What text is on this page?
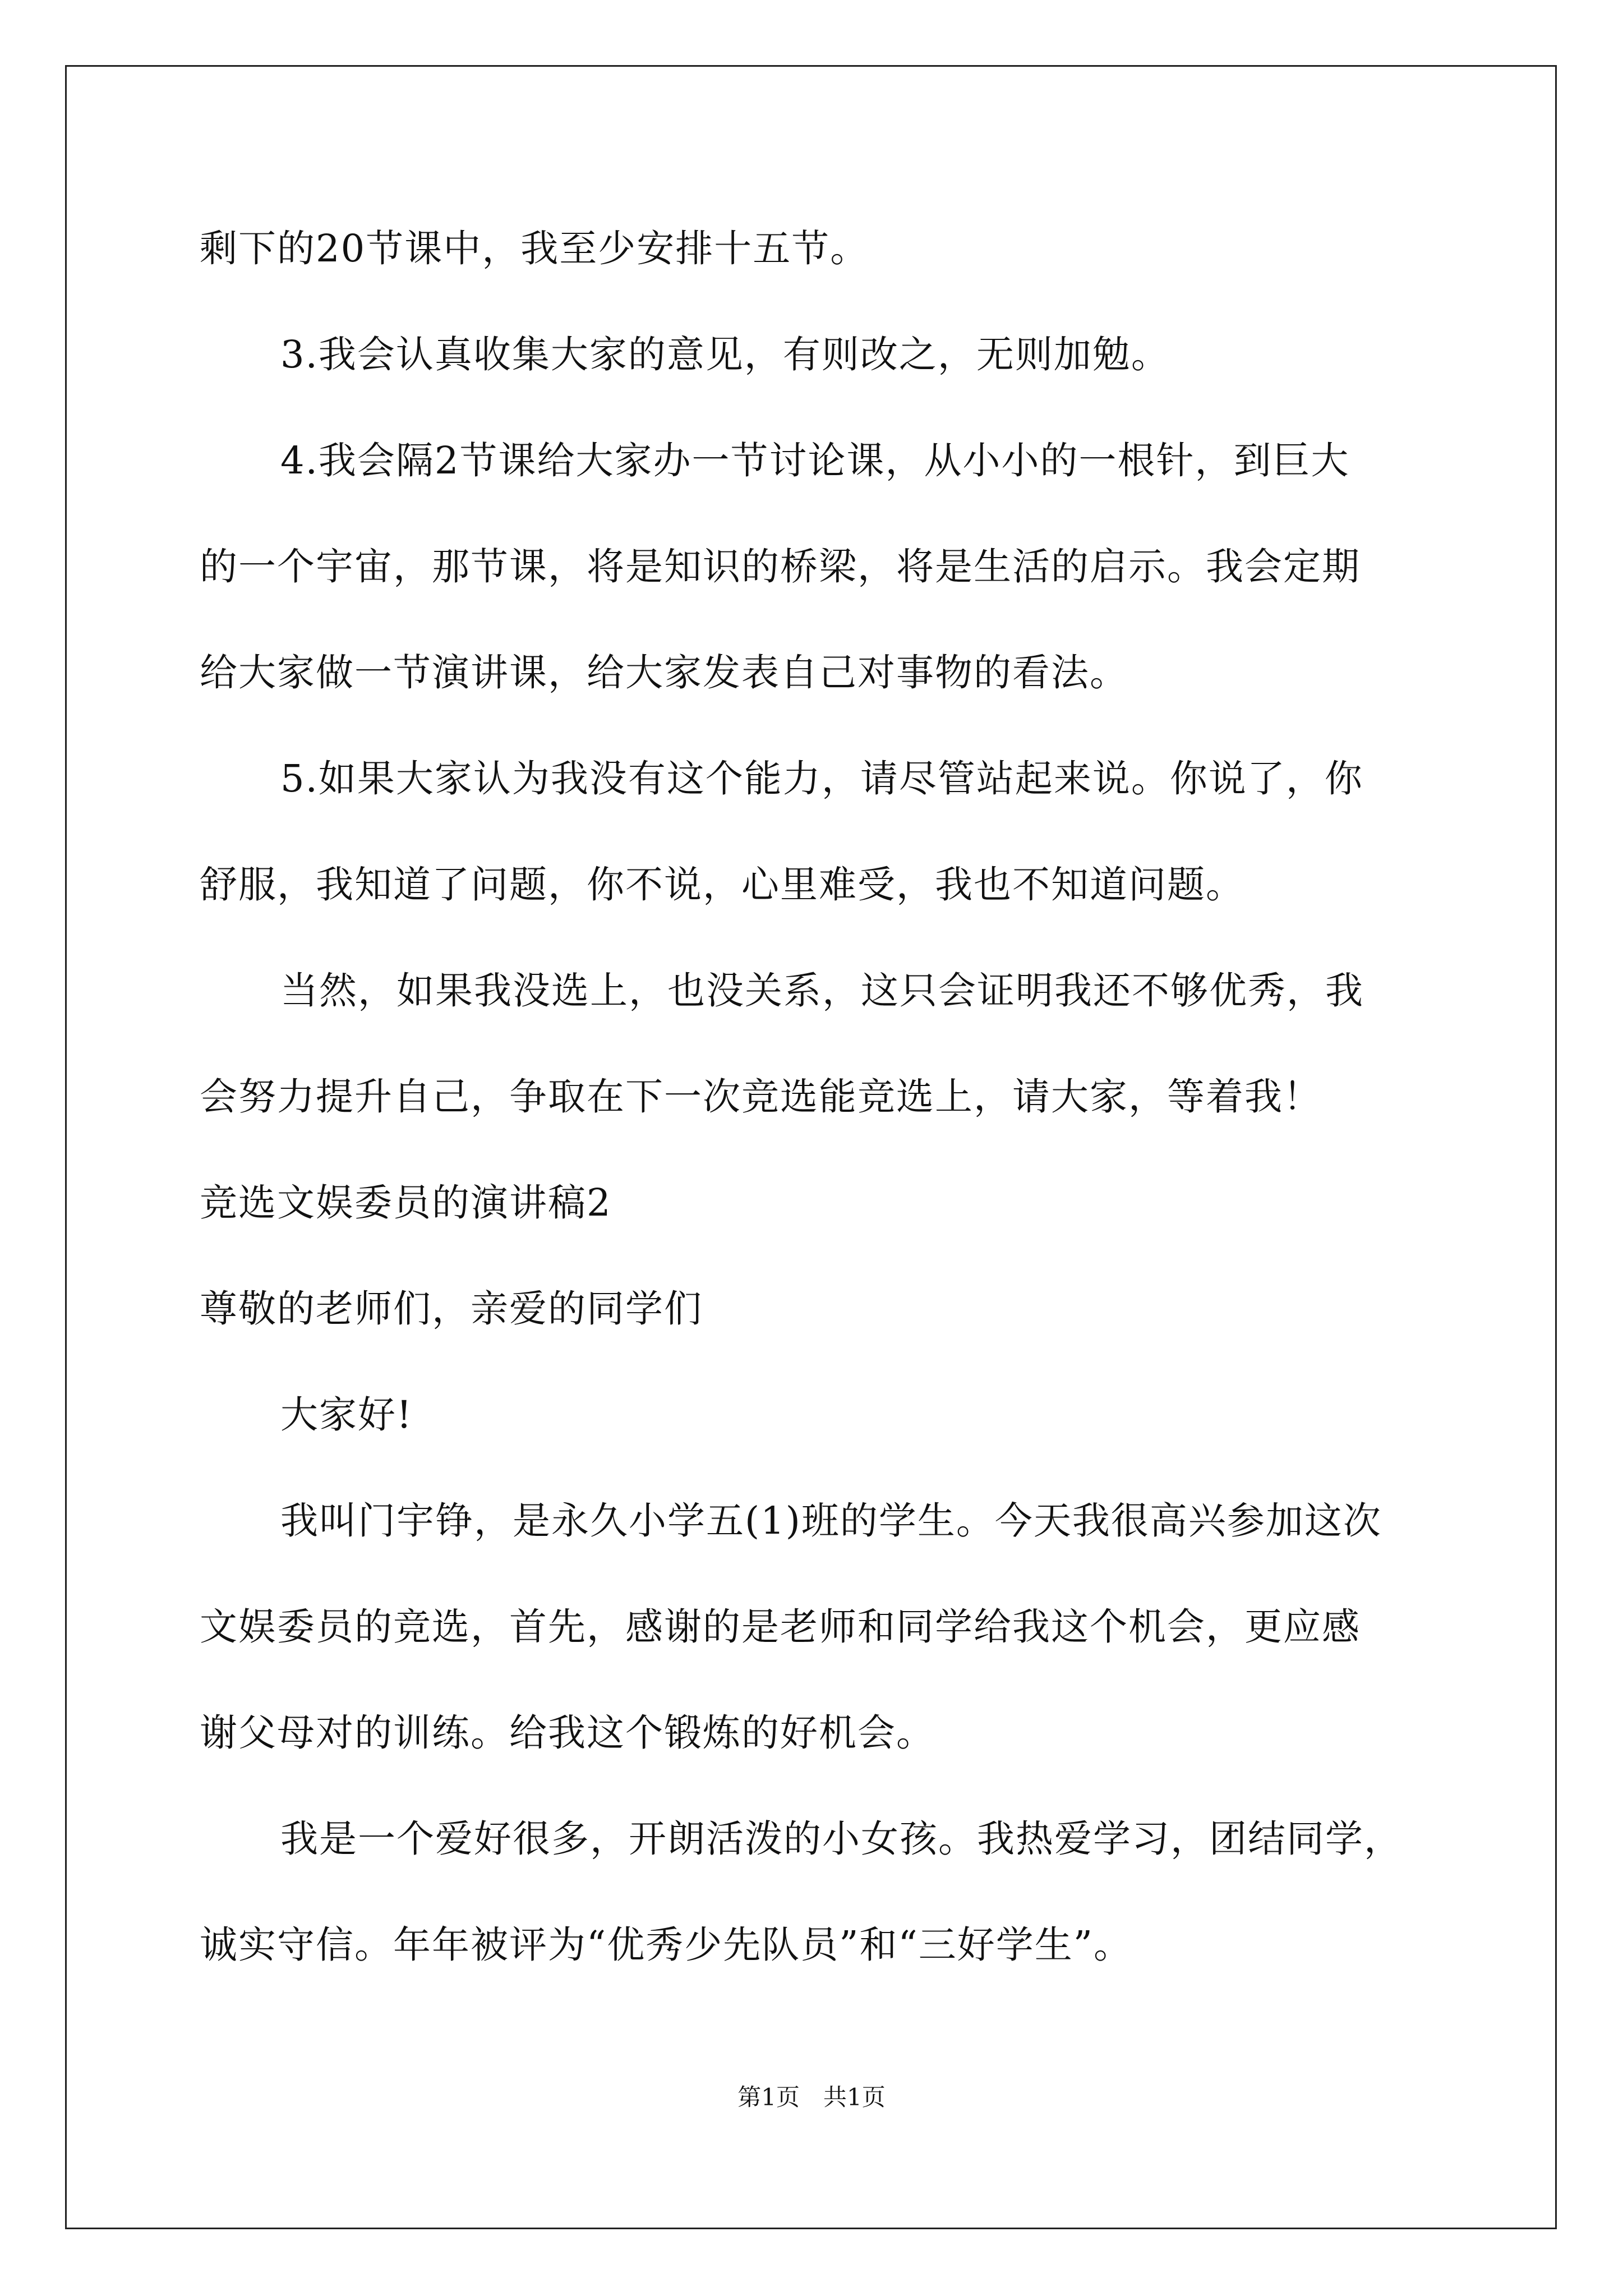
剩下的20节课中，我至少安排十五节。
3.我会认真收集大家的意见，有则改之，无则加勉。
4.我会隔2节课给大家办一节讨论课，从小小的一根针，到巨大
的一个宇宙，那节课，将是知识的桥梁，将是生活的启示。我会定期
给大家做一节演讲课，给大家发表自己对事物的看法。
5.如果大家认为我没有这个能力，请尽管站起来说。你说了，你
舒服，我知道了问题，你不说，心里难受，我也不知道问题。
当然，如果我没选上，也没关系，这只会证明我还不够优秀，我
会努力提升自己，争取在下一次竞选能竞选上，请大家，等着我！
竞选文娱委员的演讲稿2
尊敬的老师们，亲爱的同学们
大家好!
我叫门宇铮，是永久小学五(1)班的学生。今天我很高兴参加这次
文娱委员的竞选，首先，感谢的是老师和同学给我这个机会，更应感
谢父母对的训练。给我这个锻炼的好机会。
我是一个爱好很多，开朗活泼的小女孩。我热爱学习，团结同学，
诚实守信。年年被评为“优秀少先队员”和“三好学生”。
第1页　共1页
